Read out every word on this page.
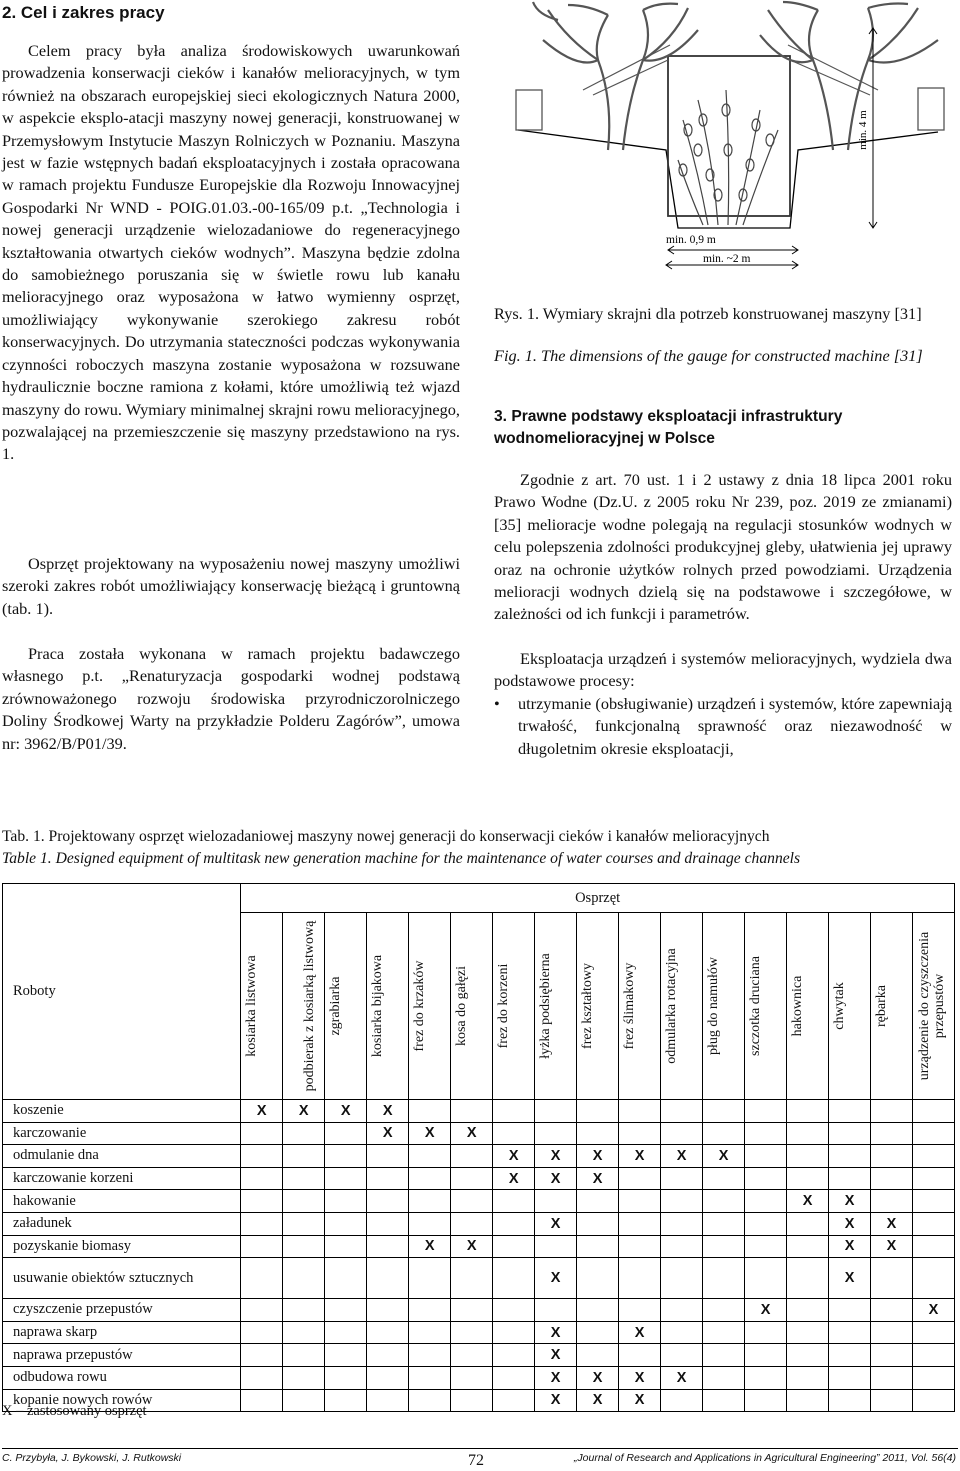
2. Cel i zakres pracy

Celem pracy była analiza środowiskowych uwarunkowań prowadzenia konserwacji cieków i kanałów melioracyjnych, w tym również na obszarach europejskiej sieci ekologicznych Natura 2000, w aspekcie eksplo-atacji maszyny nowej generacji, konstruowanej w Przemysłowym Instytucie Maszyn Rolniczych w Poznaniu. Maszyna jest w fazie wstępnych badań eksploatacyjnych i została opracowana w ramach projektu Fundusze Europejskie dla Rozwoju Innowacyjnej Gospodarki Nr WND - POIG.01.03.-00-165/09 p.t. „Technologia i nowej generacji urządzenie wielozadaniowe do regeneracyjnego kształtowania otwartych cieków wodnych”. Maszyna będzie zdolna do samobieżnego poruszania się w świetle rowu lub kanału melioracyjnego oraz wyposażona w łatwo wymienny osprzęt, umożliwiający wykonywanie szerokiego zakresu robót konserwacyjnych. Do utrzymania stateczności podczas wykonywania czynności roboczych maszyna zostanie wyposażona w rozsuwane hydraulicznie boczne ramiona z kołami, które umożliwią też wjazd maszyny do rowu. Wymiary minimalnej skrajni rowu melioracyjnego, pozwalającej na przemieszczenie się maszyny przedstawiono na rys. 1.

Osprzęt projektowany na wyposażeniu nowej maszyny umożliwi szeroki zakres robót umożliwiający konserwację bieżącą i gruntowną (tab. 1).

Praca została wykonana w ramach projektu badawczego własnego p.t. „Renaturyzacja gospodarki wodnej podstawą zrównoważonego rozwoju środowiska przyrodniczorolniczego Doliny Środkowej Warty na przykładzie Polderu Zagórów”, umowa nr: 3962/B/P01/39.

min. 4 m
min. 0,9 m
min. ~2 m

Rys. 1. Wymiary skrajni dla potrzeb konstruowanej maszyny [31]

Fig. 1. The dimensions of the gauge for constructed machine [31]

3. Prawne podstawy eksploatacji infrastruktury wodnomelioracyjnej w Polsce

Zgodnie z art. 70 ust. 1 i 2 ustawy z dnia 18 lipca 2001 roku Prawo Wodne (Dz.U. z 2005 roku Nr 239, poz. 2019 ze zmianami) [35] melioracje wodne polegają na regulacji stosunków wodnych w celu polepszenia zdolności produkcyjnej gleby, ułatwienia jej uprawy oraz na ochronie użytków rolnych przed powodziami. Urządzenia melioracji wodnych dzielą się na podstawowe i szczegółowe, w zależności od ich funkcji i parametrów.

Eksploatacja urządzeń i systemów melioracyjnych, wydziela dwa podstawowe procesy:

• utrzymanie (obsługiwanie) urządzeń i systemów, które zapewniają trwałość, funkcjonalną sprawność oraz niezawodność w długoletnim okresie eksploatacji,
Tab. 1. Projektowany osprzęt wielozadaniowej maszyny nowej generacji do konserwacji cieków i kanałów melioracyjnych
Table 1. Designed equipment of multitask new generation machine for the maintenance of water courses and drainage channels
Roboty	Osprzęt																

	kosiarka listwowa	podbierak z kosiarką listwową	zgrabiarka	kosiarka bijakowa	frez do krzaków	kosa do gałęzi	frez do korzeni	łyżka podsiębierna	frez kształtowy	frez ślimakowy	odmularka rotacyjna	pług do namułów	szczotka druciana	hakownica	chwytak	rębarka	urządzenie do czyszczenia przepustów

koszenie	X	X	X	X													
karczowanie				X	X	X											
odmulanie dna							X	X	X	X	X	X					
karczowanie korzeni							X	X	X								
hakowanie														X	X		
załadunek								X							X	X	
pozyskanie biomasy					X	X									X	X	
usuwanie obiektów sztucznych								X							X		
czyszczenie przepustów													X				X
naprawa skarp								X		X							
naprawa przepustów								X									
odbudowa rowu								X	X	X	X						
kopanie nowych rowów								X	X	X							
X – zastosowany osprzęt
C. Przybyła, J. Bykowski, J. Rutkowski	72	„Journal of Research and Applications in Agricultural Engineering” 2011, Vol. 56(4)
